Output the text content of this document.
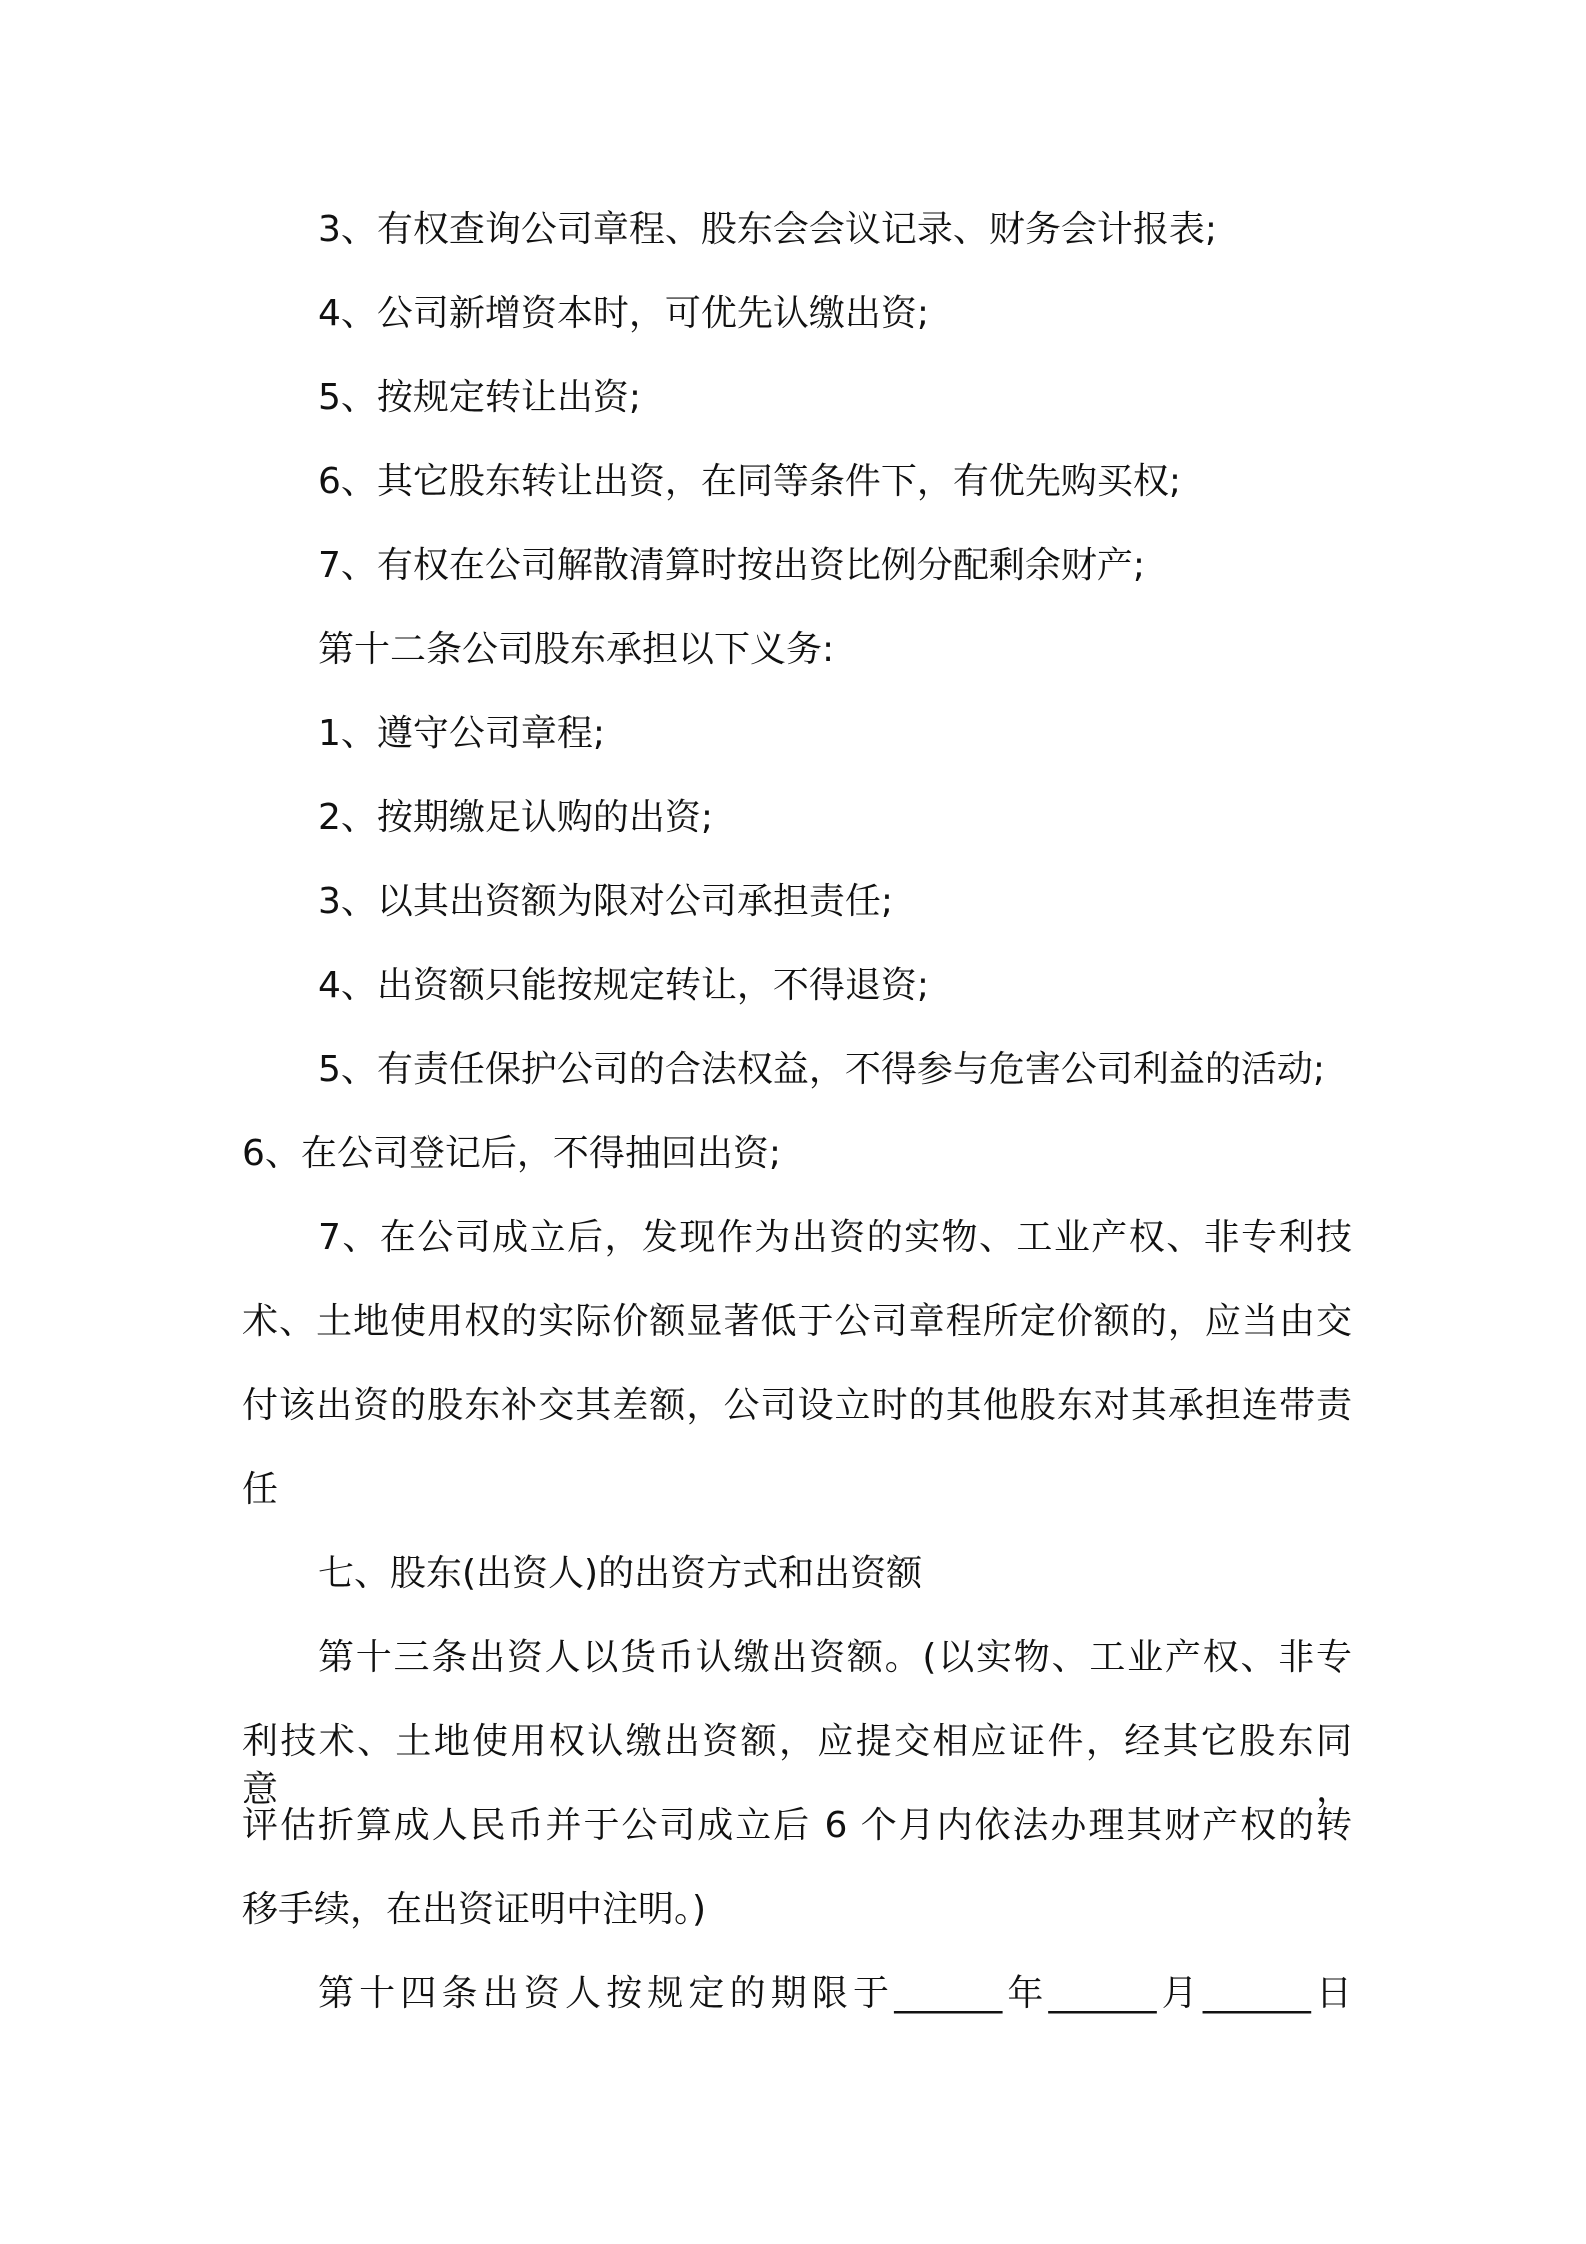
3、有权查询公司章程、股东会会议记录、财务会计报表;

4、公司新增资本时，可优先认缴出资;

5、按规定转让出资;

6、其它股东转让出资，在同等条件下，有优先购买权;

7、有权在公司解散清算时按出资比例分配剩余财产;

第十二条公司股东承担以下义务:

1、遵守公司章程;

2、按期缴足认购的出资;

3、以其出资额为限对公司承担责任;

4、出资额只能按规定转让，不得退资;

5、有责任保护公司的合法权益，不得参与危害公司利益的活动;

6、在公司登记后，不得抽回出资;

7、在公司成立后，发现作为出资的实物、工业产权、非专利技

术、土地使用权的实际价额显著低于公司章程所定价额的，应当由交

付该出资的股东补交其差额，公司设立时的其他股东对其承担连带责

任

七、股东(出资人)的出资方式和出资额

第十三条出资人以货币认缴出资额。(以实物、工业产权、非专

利技术、土地使用权认缴出资额，应提交相应证件，经其它股东同意，

评估折算成人民币并于公司成立后 6 个月内依法办理其财产权的转

移手续，在出资证明中注明。)

第十四条出资人按规定的期限于______年______月______日
